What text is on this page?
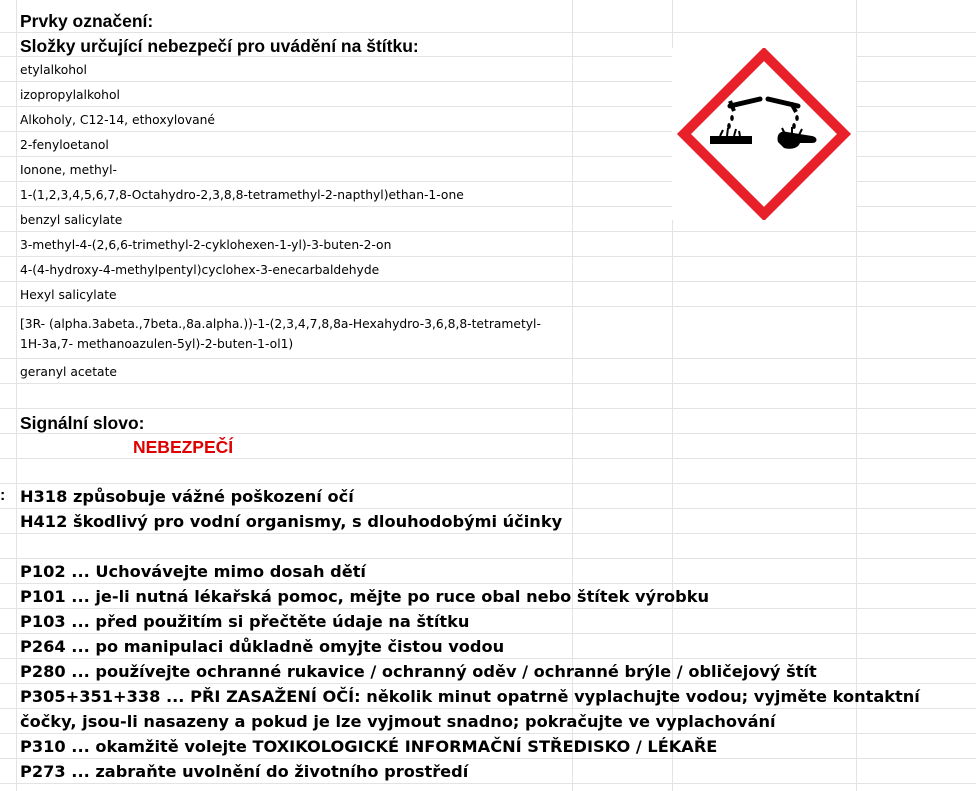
Prvky označení:
Složky určující nebezpečí pro uvádění na štítku:
etylalkohol
izopropylalkohol
Alkoholy, C12-14, ethoxylované
2-fenyloetanol
Ionone, methyl-
1-(1,2,3,4,5,6,7,8-Octahydro-2,3,8,8-tetramethyl-2-napthyl)ethan-1-one
benzyl salicylate
3-methyl-4-(2,6,6-trimethyl-2-cyklohexen-1-yl)-3-buten-2-on
4-(4-hydroxy-4-methylpentyl)cyclohex-3-enecarbaldehyde
Hexyl salicylate
[3R- (alpha.3abeta.,7beta.,8a.alpha.))-1-(2,3,4,7,8,8a-Hexahydro-3,6,8,8-tetrametyl-
1H-3a,7- methanoazulen-5yl)-2-buten-1-ol1)
geranyl acetate
Signální slovo:
NEBEZPEČÍ
: H318 způsobuje vážné poškození očí
H412 škodlivý pro vodní organismy, s dlouhodobými účinky
P102 ... Uchovávejte mimo dosah dětí
P101 ... je-li nutná lékařská pomoc, mějte po ruce obal nebo štítek výrobku
P103 ... před použitím si přečtěte údaje na štítku
P264 ... po manipulaci důkladně omyjte čistou vodou
P280 ... používejte ochranné rukavice / ochranný oděv / ochranné brýle / obličejový štít
P305+351+338 ... PŘI ZASAŽENÍ OČÍ: několik minut opatrně vyplachujte vodou; vyjměte kontaktní
čočky, jsou-li nasazeny a pokud je lze vyjmout snadno; pokračujte ve vyplachování
P310 ... okamžitě volejte TOXIKOLOGICKÉ INFORMAČNÍ STŘEDISKO / LÉKAŘE
P273 ... zabraňte uvolnění do životního prostředí
